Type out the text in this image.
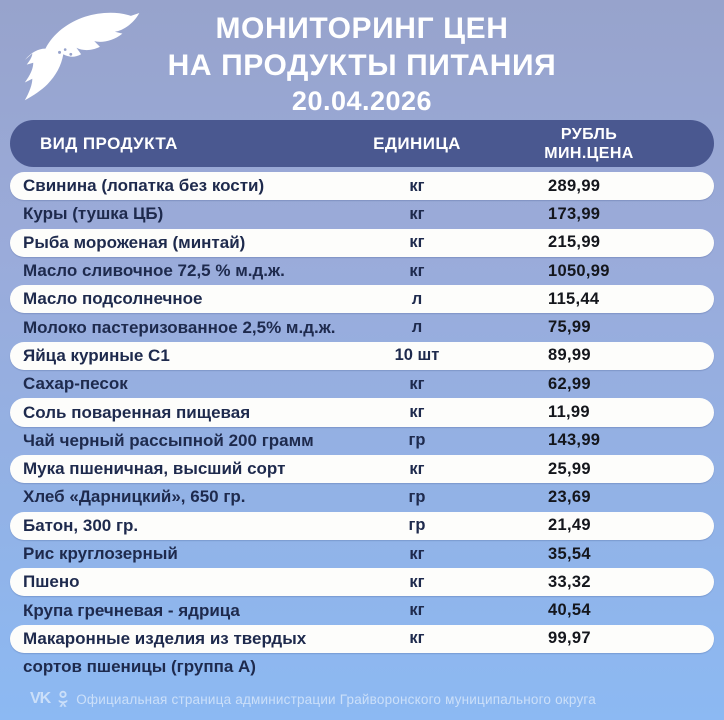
МОНИТОРИНГ ЦЕН
НА ПРОДУКТЫ ПИТАНИЯ
20.04.2026
ВИД ПРОДУКТА	ЕДИНИЦА	РУБЛЬ
МИН.ЦЕНА
Свинина (лопатка без кости)	кг	289,99
Куры (тушка ЦБ)	кг	173,99
Рыба мороженая (минтай)	кг	215,99
Масло сливочное 72,5 % м.д.ж.	кг	1050,99
Масло подсолнечное	л	115,44
Молоко пастеризованное 2,5% м.д.ж.	л	75,99
Яйца куриные С1	10 шт	89,99
Сахар-песок	кг	62,99
Соль поваренная пищевая	кг	11,99
Чай черный рассыпной 200 грамм	гр	143,99
Мука пшеничная, высший сорт	кг	25,99
Хлеб «Дарницкий», 650 гр.	гр	23,69
Батон, 300 гр.	гр	21,49
Рис круглозерный	кг	35,54
Пшено	кг	33,32
Крупа гречневая - ядрица	кг	40,54
Макаронные изделия из твердых	кг	99,97
сортов пшеницы (группа А)
VK Официальная страница администрации Грайворонского муниципального округа
